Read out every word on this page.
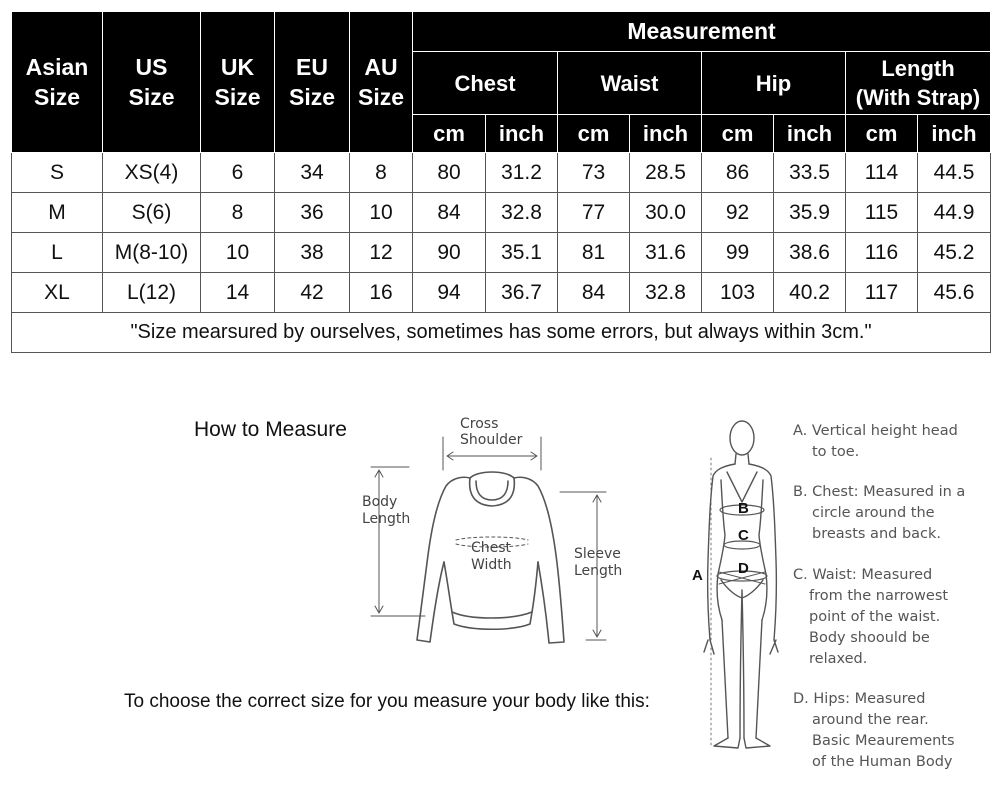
Asian
Size	US
Size	UK
Size	EU
Size	AU
Size	Measurement							
					Chest		Waist		Hip		Length
(With Strap)	
					cm	inch	cm	inch	cm	inch	cm	inch
S	XS(4)	6	34	8	80	31.2	73	28.5	86	33.5	114	44.5
M	S(6)	8	36	10	84	32.8	77	30.0	92	35.9	115	44.9
L	M(8-10)	10	38	12	90	35.1	81	31.6	99	38.6	116	45.2
XL	L(12)	14	42	16	94	36.7	84	32.8	103	40.2	117	45.6
"Size mearsured by ourselves, sometimes has some errors, but always within 3cm."												
How to Measure
To choose the correct size for you measure your body like this:
Cross
Shoulder
Body
Length
Chest
Width
Sleeve
Length	A
B
C
D
A. Vertical height head
to toe.
B. Chest: Measured in a
circle around the
breasts and back.
C. Waist: Measured
from the narrowest
point of the waist.
Body shoould be
relaxed.
D. Hips: Measured
around the rear.
Basic Meaurements
of the Human Body
